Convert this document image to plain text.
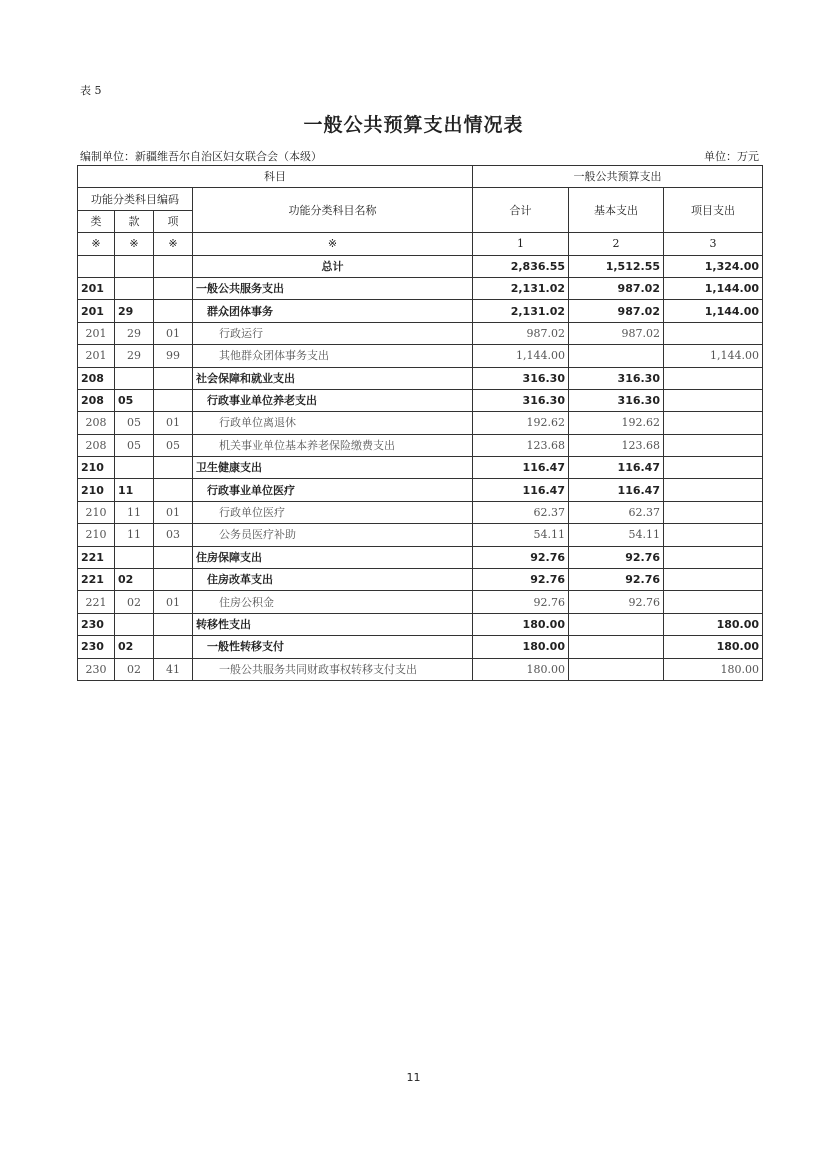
表 5
一般公共预算支出情况表
编制单位：新疆维吾尔自治区妇女联合会（本级）	单位：万元
科目				一般公共预算支出		
功能分类科目编码			功能分类科目名称	合计	基本支出	项目支出
类	款	项				
※	※	※	※	1	2	3
			总计	2,836.55	1,512.55	1,324.00
201			一般公共服务支出	2,131.02	987.02	1,144.00
201	29		群众团体事务	2,131.02	987.02	1,144.00
201	29	01	行政运行	987.02	987.02	
201	29	99	其他群众团体事务支出	1,144.00		1,144.00
208			社会保障和就业支出	316.30	316.30	
208	05		行政事业单位养老支出	316.30	316.30	
208	05	01	行政单位离退休	192.62	192.62	
208	05	05	机关事业单位基本养老保险缴费支出	123.68	123.68	
210			卫生健康支出	116.47	116.47	
210	11		行政事业单位医疗	116.47	116.47	
210	11	01	行政单位医疗	62.37	62.37	
210	11	03	公务员医疗补助	54.11	54.11	
221			住房保障支出	92.76	92.76	
221	02		住房改革支出	92.76	92.76	
221	02	01	住房公积金	92.76	92.76	
230			转移性支出	180.00		180.00
230	02		一般性转移支付	180.00		180.00
230	02	41	一般公共服务共同财政事权转移支付支出	180.00		180.00
11
